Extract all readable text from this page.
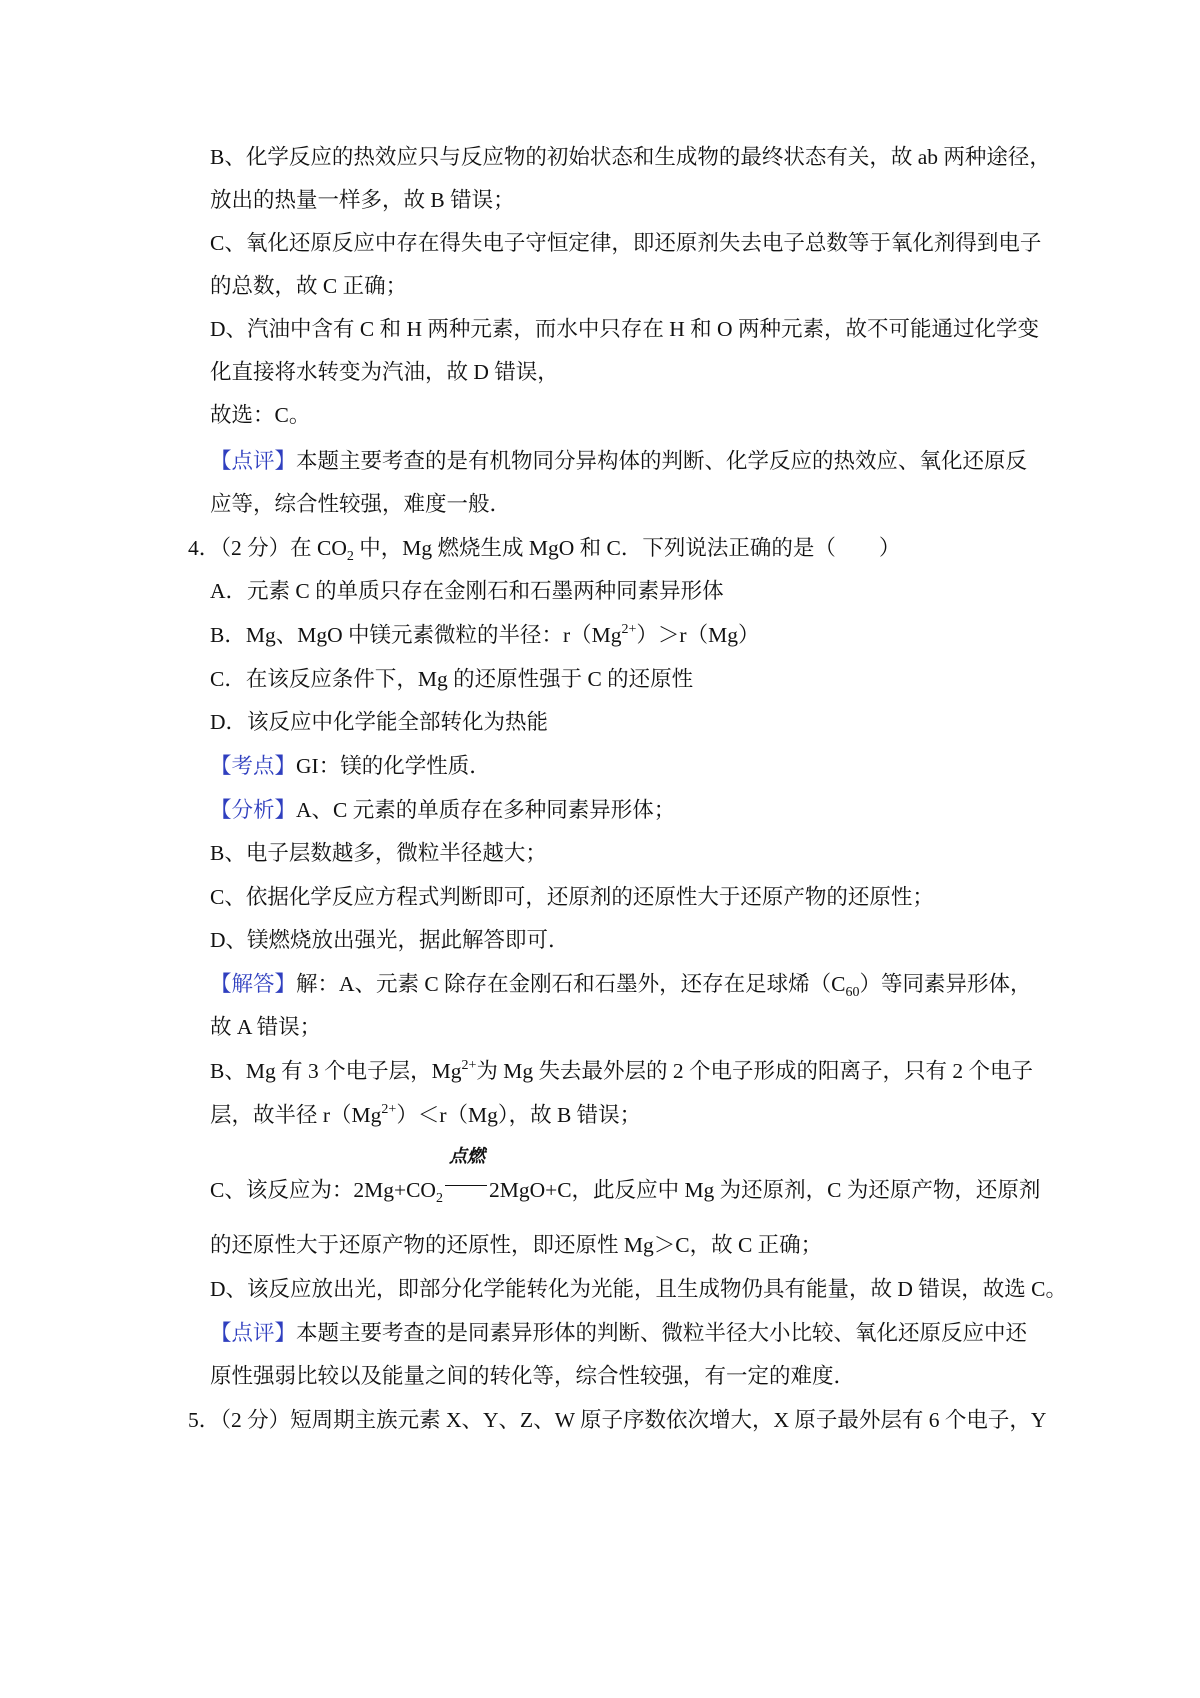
B、化学反应的热效应只与反应物的初始状态和生成物的最终状态有关，故 ab 两种途径，
放出的热量一样多，故 B 错误；
C、氧化还原反应中存在得失电子守恒定律，即还原剂失去电子总数等于氧化剂得到电子
的总数，故 C 正确；
D、汽油中含有 C 和 H 两种元素，而水中只存在 H 和 O 两种元素，故不可能通过化学变
化直接将水转变为汽油，故 D 错误，
故选：C。
【点评】本题主要考查的是有机物同分异构体的判断、化学反应的热效应、氧化还原反
应等，综合性较强，难度一般．
4．（2 分）在 $CO_2$ 中，Mg 燃烧生成 MgO 和 C．下列说法正确的是（　　）
A．元素 C 的单质只存在金刚石和石墨两种同素异形体
B．Mg、MgO 中镁元素微粒的半径：$r(Mg^{2+})>r(Mg)$
C．在该反应条件下，Mg 的还原性强于 C 的还原性
D．该反应中化学能全部转化为热能
【考点】GI：镁的化学性质．
【分析】A、C 元素的单质存在多种同素异形体；
B、电子层数越多，微粒半径越大；
C、依据化学反应方程式判断即可，还原剂的还原性大于还原产物的还原性；
D、镁燃烧放出强光，据此解答即可．
【解答】解：A、元素 C 除存在金刚石和石墨外，还存在足球烯$(C_{60})$等同素异形体，
故 A 错误；
B、Mg 有 3 个电子层，$Mg^{2+}$为 Mg 失去最外层的 2 个电子形成的阳离子，只有 2 个电子
层，故半径 $r(Mg^{2+})<r(Mg)$，故 B 错误；
C、该反应为：$2Mg+CO_2$
点燃
2MgO+C，此反应中 Mg 为还原剂，C 为还原产物，还原剂
的还原性大于还原产物的还原性，即还原性 Mg＞C，故 C 正确；
D、该反应放出光，即部分化学能转化为光能，且生成物仍具有能量，故 D 错误，故选 C。
【点评】本题主要考查的是同素异形体的判断、微粒半径大小比较、氧化还原反应中还
原性强弱比较以及能量之间的转化等，综合性较强，有一定的难度．
5．（2 分）短周期主族元素 X、Y、Z、W 原子序数依次增大，X 原子最外层有 6 个电子，Y
